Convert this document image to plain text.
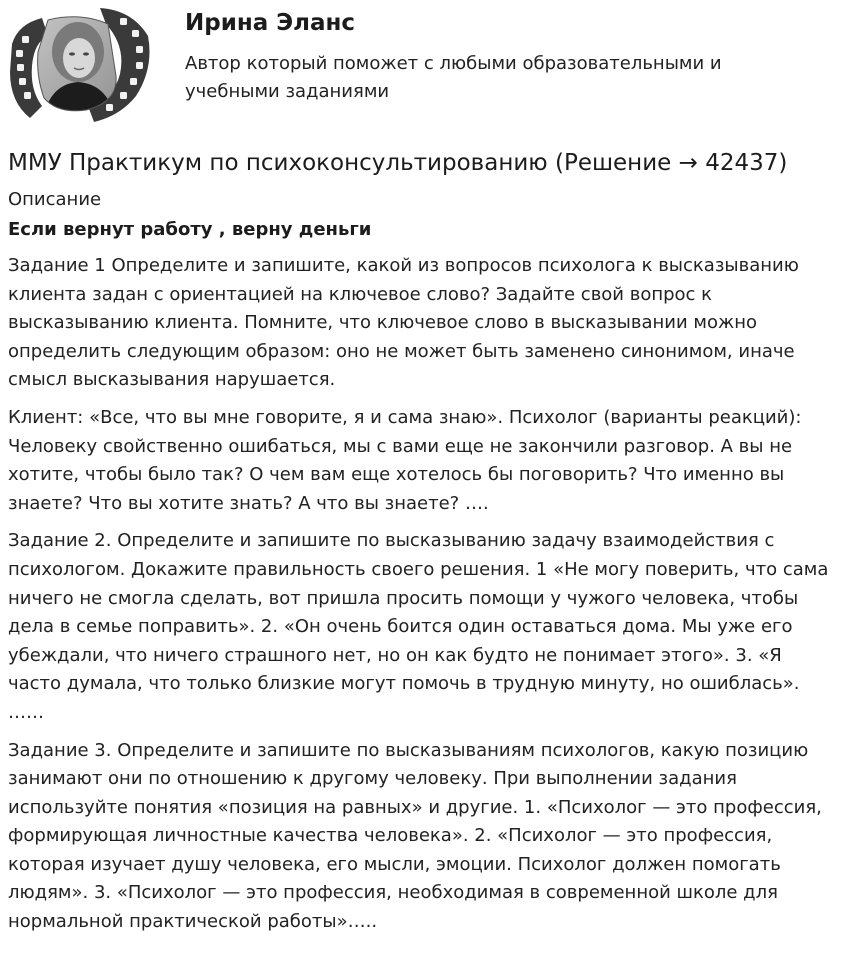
Ирина Эланс
Автор который поможет с любыми образовательными и учебными заданиями
ММУ Практикум по психоконсультированию (Решение → 42437)
Описание
Если вернут работу , верну деньги

Задание 1 Определите и запишите, какой из вопросов психолога к высказыванию клиента задан с ориентацией на ключевое слово? Задайте свой вопрос к высказыванию клиента. Помните, что ключевое слово в высказывании можно определить следующим образом: оно не может быть заменено синонимом, иначе смысл высказывания нарушается.

Клиент: «Все, что вы мне говорите, я и сама знаю». Психолог (варианты реакций): Человеку свойственно ошибаться, мы с вами еще не закончили разговор. А вы не хотите, чтобы было так? О чем вам еще хотелось бы поговорить? Что именно вы знаете? Что вы хотите знать? А что вы знаете? ….

Задание 2. Определите и запишите по высказыванию задачу взаимодействия с психологом. Докажите правильность своего решения. 1 «Не могу поверить, что сама ничего не смогла сделать, вот пришла просить помощи у чужого человека, чтобы дела в семье поправить». 2. «Он очень боится один оставаться дома. Мы уже его убеждали, что ничего страшного нет, но он как будто не понимает этого». 3. «Я часто думала, что только близкие могут помочь в трудную минуту, но ошиблась». ……

Задание 3. Определите и запишите по высказываниям психологов, какую позицию занимают они по отношению к другому человеку. При выполнении задания используйте понятия «позиция на равных» и другие. 1. «Психолог — это профессия, формирующая личностные качества человека». 2. «Психолог — это профессия, которая изучает душу человека, его мысли, эмоции. Психолог должен помогать людям». 3. «Психолог — это профессия, необходимая в современной школе для нормальной практической работы»…..
